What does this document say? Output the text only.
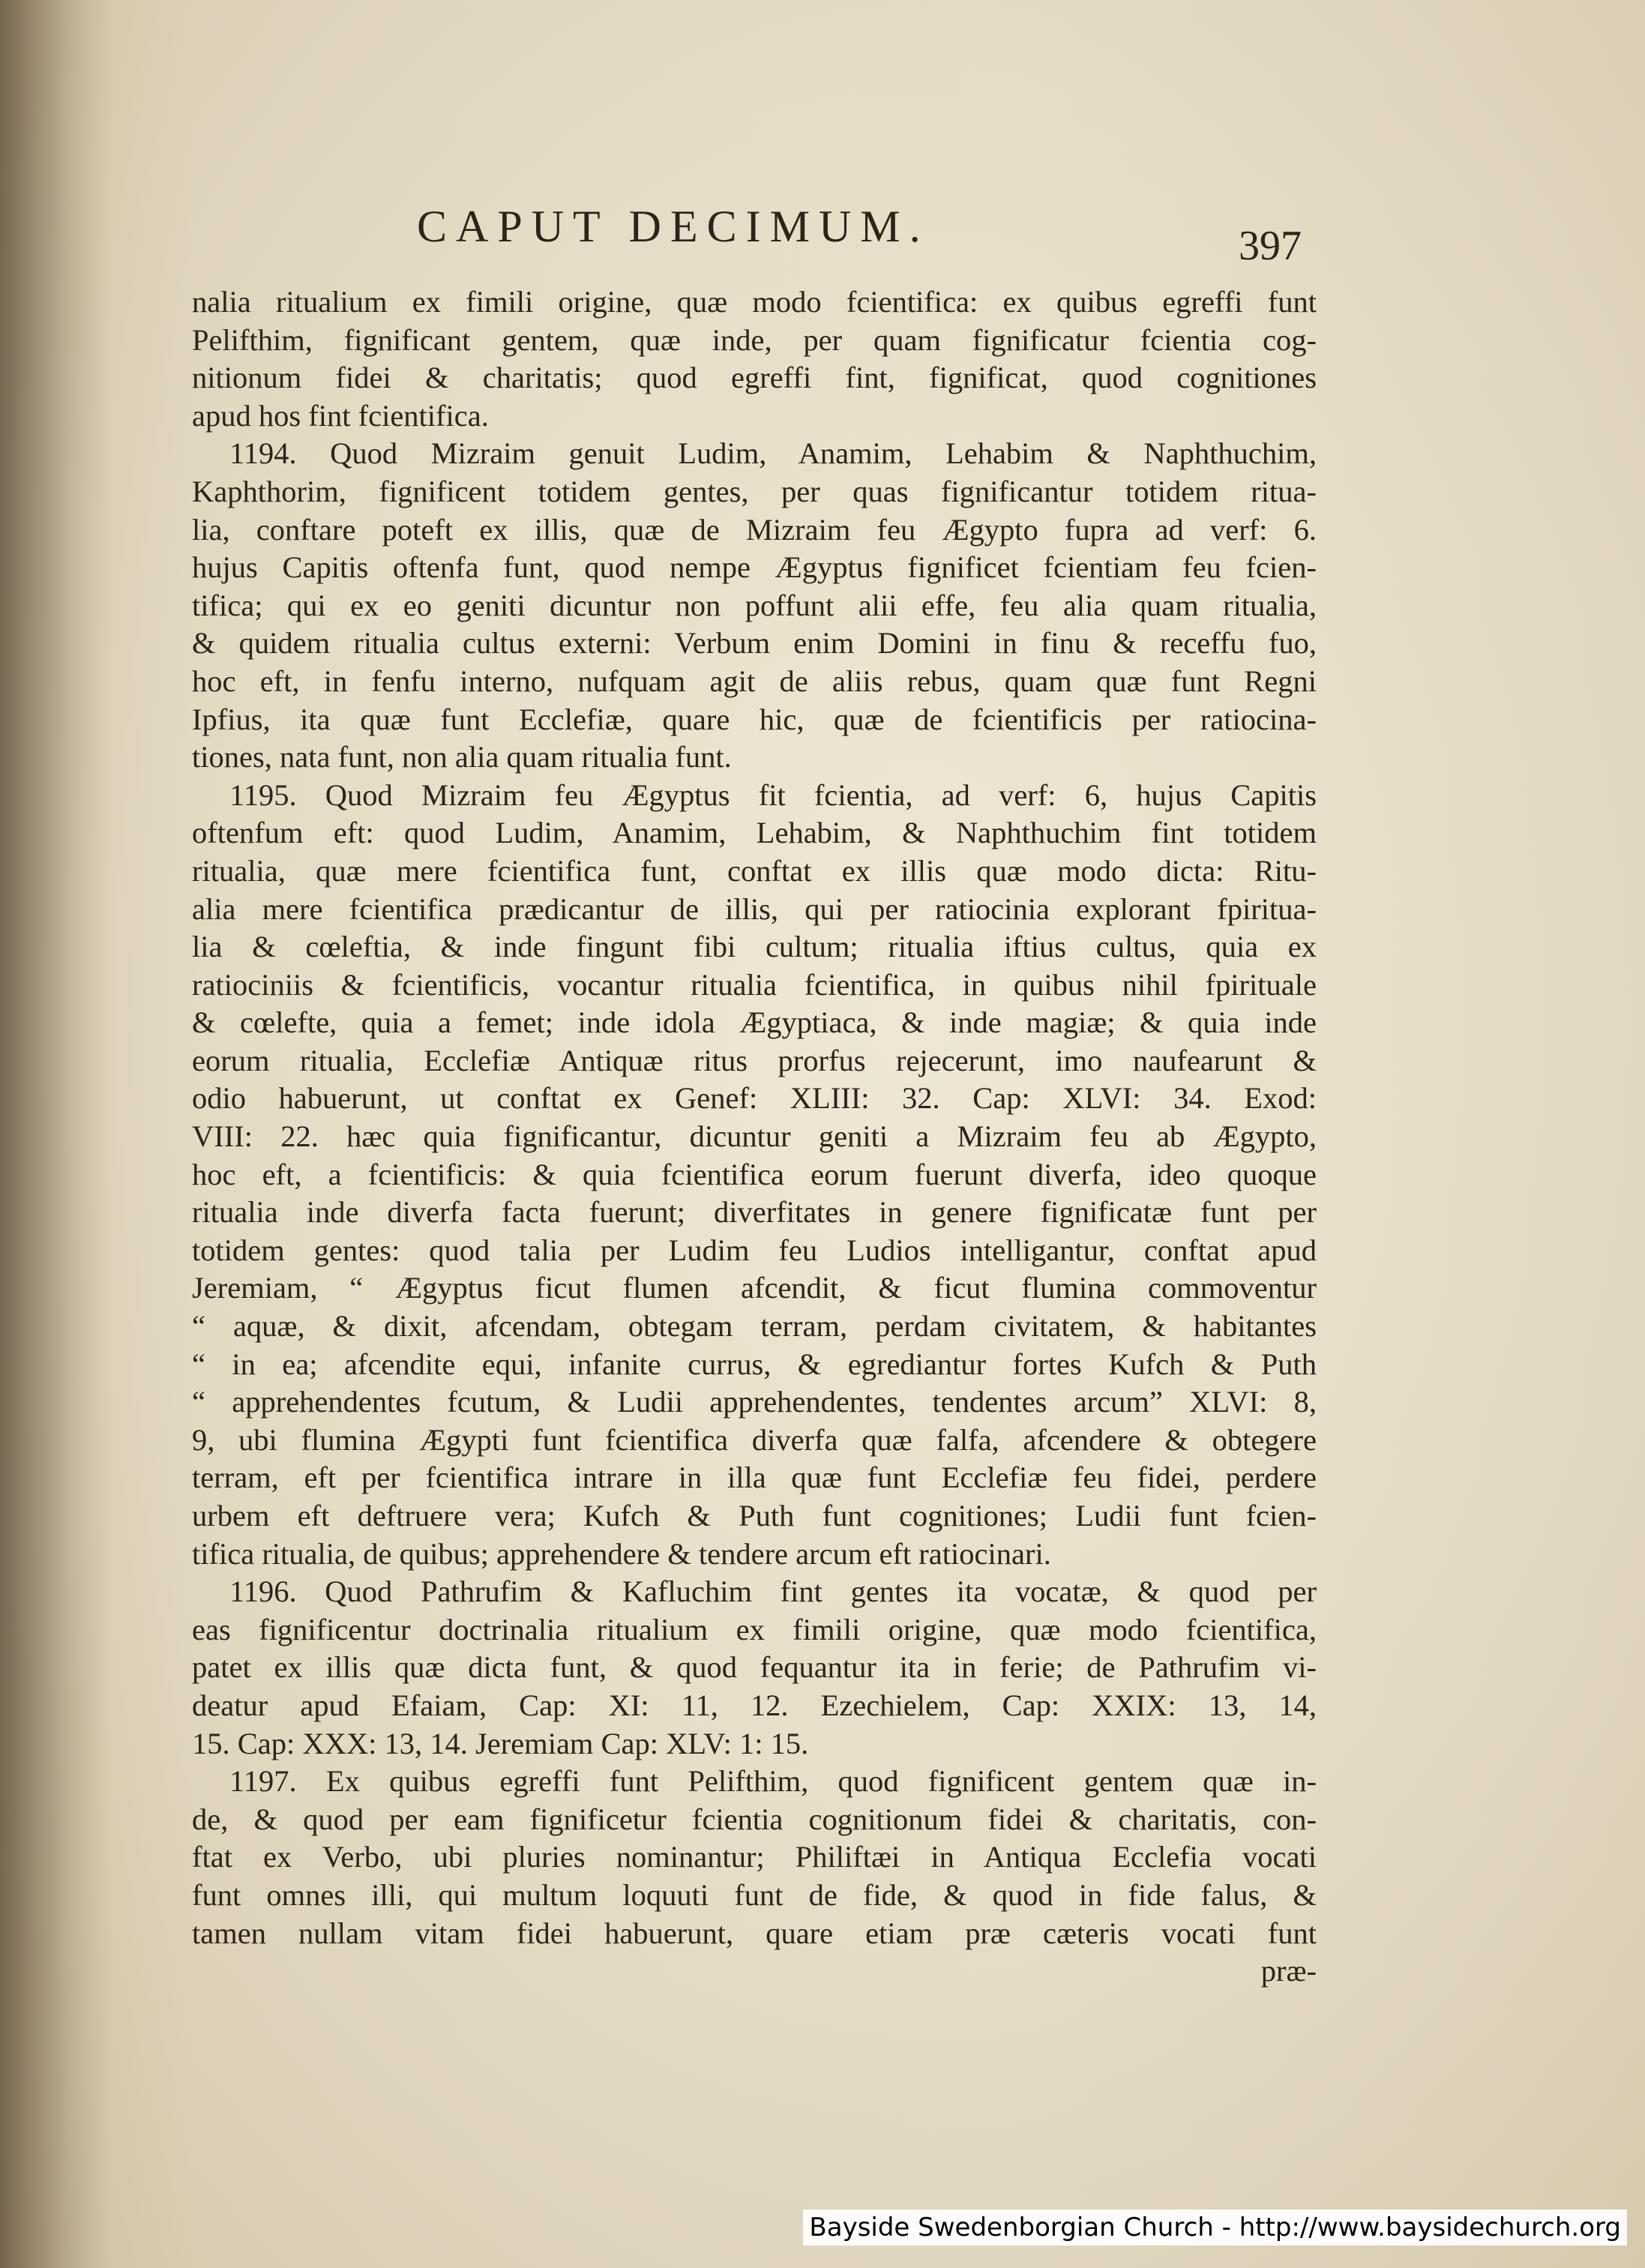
CAPUT DECIMUM.	397
nalia ritualium ex fimili origine, quæ modo fcientifica: ex quibus egreffi funt
Pelifthim, fignificant gentem, quæ inde, per quam fignificatur fcientia cog-
nitionum fidei & charitatis; quod egreffi fint, fignificat, quod cognitiones
apud hos fint fcientifica.
1194. Quod Mizraim genuit Ludim, Anamim, Lehabim & Naphthuchim,
Kaphthorim, fignificent totidem gentes, per quas fignificantur totidem ritua-
lia, conftare poteft ex illis, quæ de Mizraim feu Ægypto fupra ad verf: 6.
hujus Capitis oftenfa funt, quod nempe Ægyptus fignificet fcientiam feu fcien-
tifica; qui ex eo geniti dicuntur non poffunt alii effe, feu alia quam ritualia,
& quidem ritualia cultus externi: Verbum enim Domini in finu & receffu fuo,
hoc eft, in fenfu interno, nufquam agit de aliis rebus, quam quæ funt Regni
Ipfius, ita quæ funt Ecclefiæ, quare hic, quæ de fcientificis per ratiocina-
tiones, nata funt, non alia quam ritualia funt.
1195. Quod Mizraim feu Ægyptus fit fcientia, ad verf: 6, hujus Capitis
oftenfum eft: quod Ludim, Anamim, Lehabim, & Naphthuchim fint totidem
ritualia, quæ mere fcientifica funt, conftat ex illis quæ modo dicta: Ritu-
alia mere fcientifica prædicantur de illis, qui per ratiocinia explorant fpiritua-
lia & cœleftia, & inde fingunt fibi cultum; ritualia iftius cultus, quia ex
ratiociniis & fcientificis, vocantur ritualia fcientifica, in quibus nihil fpirituale
& cœlefte, quia a femet; inde idola Ægyptiaca, & inde magiæ; & quia inde
eorum ritualia, Ecclefiæ Antiquæ ritus prorfus rejecerunt, imo naufearunt &
odio habuerunt, ut conftat ex Genef: XLIII: 32. Cap: XLVI: 34. Exod:
VIII: 22. hæc quia fignificantur, dicuntur geniti a Mizraim feu ab Ægypto,
hoc eft, a fcientificis: & quia fcientifica eorum fuerunt diverfa, ideo quoque
ritualia inde diverfa facta fuerunt; diverfitates in genere fignificatæ funt per
totidem gentes: quod talia per Ludim feu Ludios intelligantur, conftat apud
Jeremiam, “ Ægyptus ficut flumen afcendit, & ficut flumina commoventur
“ aquæ, & dixit, afcendam, obtegam terram, perdam civitatem, & habitantes
“ in ea; afcendite equi, infanite currus, & egrediantur fortes Kufch & Puth
“ apprehendentes fcutum, & Ludii apprehendentes, tendentes arcum” XLVI: 8,
9, ubi flumina Ægypti funt fcientifica diverfa quæ falfa, afcendere & obtegere
terram, eft per fcientifica intrare in illa quæ funt Ecclefiæ feu fidei, perdere
urbem eft deftruere vera; Kufch & Puth funt cognitiones; Ludii funt fcien-
tifica ritualia, de quibus; apprehendere & tendere arcum eft ratiocinari.
1196. Quod Pathrufim & Kafluchim fint gentes ita vocatæ, & quod per
eas fignificentur doctrinalia ritualium ex fimili origine, quæ modo fcientifica,
patet ex illis quæ dicta funt, & quod fequantur ita in ferie; de Pathrufim vi-
deatur apud Efaiam, Cap: XI: 11, 12. Ezechielem, Cap: XXIX: 13, 14,
15. Cap: XXX: 13, 14. Jeremiam Cap: XLV: 1: 15.
1197. Ex quibus egreffi funt Pelifthim, quod fignificent gentem quæ in-
de, & quod per eam fignificetur fcientia cognitionum fidei & charitatis, con-
ftat ex Verbo, ubi pluries nominantur; Philiftæi in Antiqua Ecclefia vocati
funt omnes illi, qui multum loquuti funt de fide, & quod in fide falus, &
tamen nullam vitam fidei habuerunt, quare etiam præ cæteris vocati funt
præ-
Bayside Swedenborgian Church - http://www.baysidechurch.org
